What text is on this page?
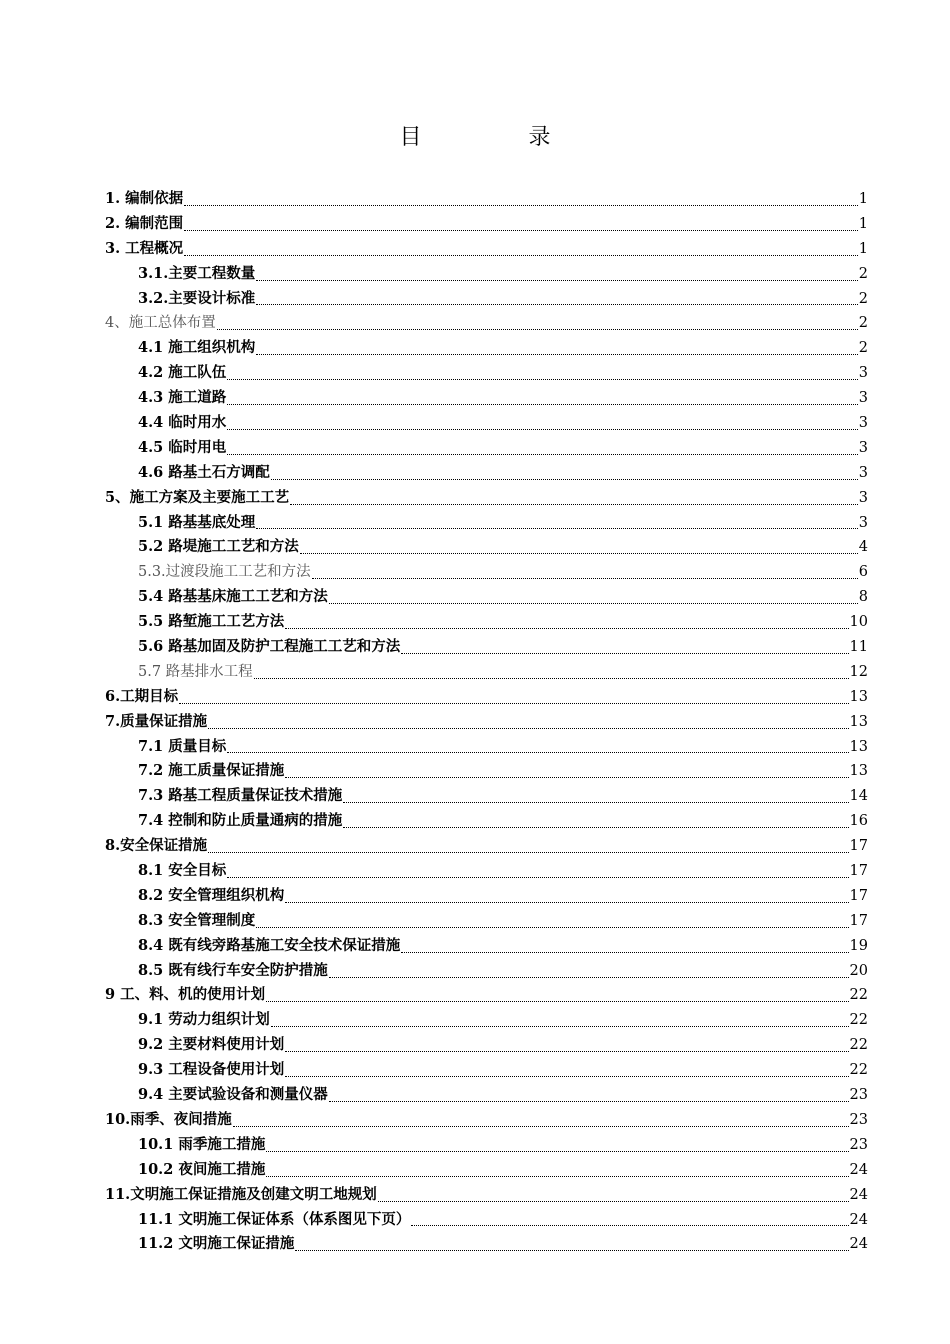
目 录
1. 编制依据	1
2. 编制范围	1
3. 工程概况	1
3.1.主要工程数量	2
3.2.主要设计标准	2
4、施工总体布置	2
4.1 施工组织机构	2
4.2 施工队伍	3
4.3 施工道路	3
4.4 临时用水	3
4.5 临时用电	3
4.6 路基土石方调配	3
5、施工方案及主要施工工艺	3
5.1 路基基底处理	3
5.2 路堤施工工艺和方法	4
5.3.过渡段施工工艺和方法	6
5.4 路基基床施工工艺和方法	8
5.5 路堑施工工艺方法	10
5.6 路基加固及防护工程施工工艺和方法	11
5.7 路基排水工程	12
6.工期目标	13
7.质量保证措施	13
7.1 质量目标	13
7.2 施工质量保证措施	13
7.3 路基工程质量保证技术措施	14
7.4 控制和防止质量通病的措施	16
8.安全保证措施	17
8.1 安全目标	17
8.2 安全管理组织机构	17
8.3 安全管理制度	17
8.4 既有线旁路基施工安全技术保证措施	19
8.5 既有线行车安全防护措施	20
9 工、料、机的使用计划	22
9.1 劳动力组织计划	22
9.2 主要材料使用计划	22
9.3 工程设备使用计划	22
9.4 主要试验设备和测量仪器	23
10.雨季、夜间措施	23
10.1 雨季施工措施	23
10.2 夜间施工措施	24
11.文明施工保证措施及创建文明工地规划	24
11.1 文明施工保证体系（体系图见下页）	24
11.2 文明施工保证措施	24
